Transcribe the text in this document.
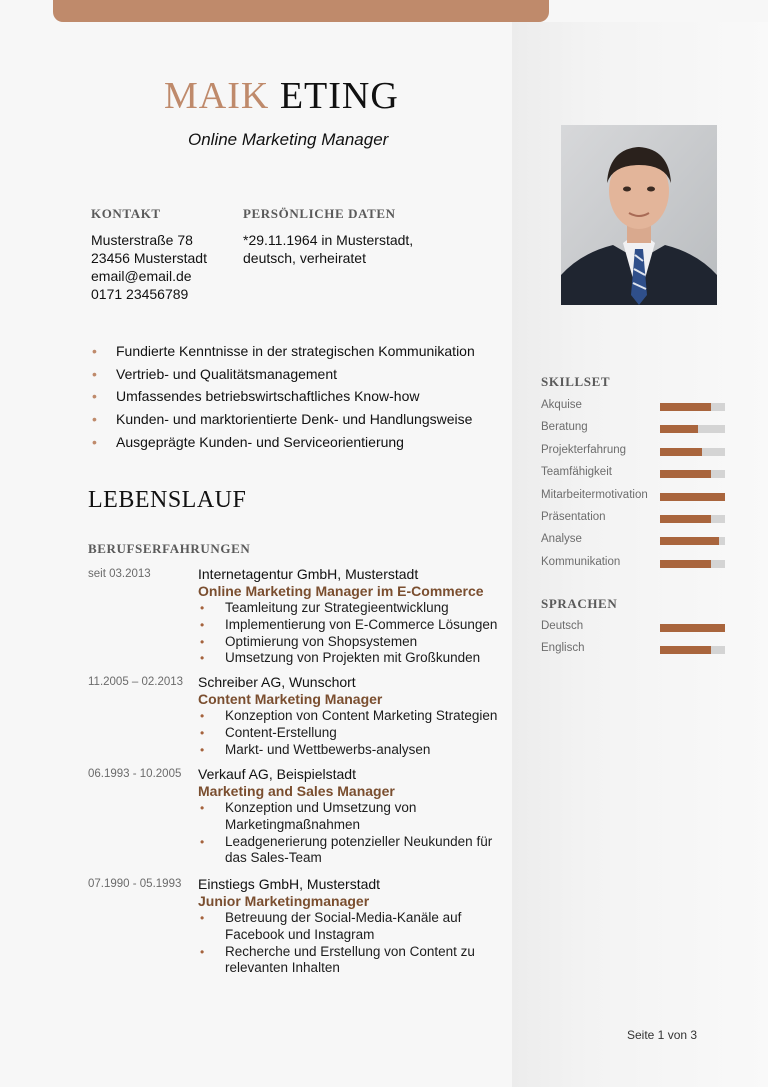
MAIK ETING
Online Marketing Manager
KONTAKT
Musterstraße 78
23456 Musterstadt
email@email.de
0171 23456789
PERSÖNLICHE DATEN
*29.11.1964 in Musterstadt,
deutsch, verheiratet
•	Fundierte Kenntnisse in der strategischen Kommunikation
•	Vertrieb- und Qualitätsmanagement
•	Umfassendes betriebswirtschaftliches Know-how
•	Kunden- und marktorientierte Denk- und Handlungsweise
•	Ausgeprägte Kunden- und Serviceorientierung
LEBENSLAUF
BERUFSERFAHRUNGEN
seit 03.2013	Internetagentur GmbH, Musterstadt
Online Marketing Manager im E-Commerce
•	Teamleitung zur Strategieentwicklung
•	Implementierung von E-Commerce Lösungen
•	Optimierung von Shopsystemen
•	Umsetzung von Projekten mit Großkunden
11.2005 – 02.2013 Schreiber AG, Wunschort
Content Marketing Manager
•	Konzeption von Content Marketing Strategien
•	Content-Erstellung
•	Markt- und Wettbewerbs-analysen
06.1993 - 10.2005 Verkauf AG, Beispielstadt
Marketing and Sales Manager
•	Konzeption und Umsetzung von Marketingmaßnahmen
•	Leadgenerierung potenzieller Neukunden für das Sales-Team
07.1990 - 05.1993 Einstiegs GmbH, Musterstadt
Junior Marketingmanager
•	Betreuung der Social-Media-Kanäle auf Facebook und Instagram
•	Recherche und Erstellung von Content zu relevanten Inhalten
SKILLSET
Akquise
Beratung
Projekterfahrung
Teamfähigkeit
Mitarbeitermotivation
Präsentation
Analyse
Kommunikation
SPRACHEN
Deutsch
Englisch
Seite 1 von 3
